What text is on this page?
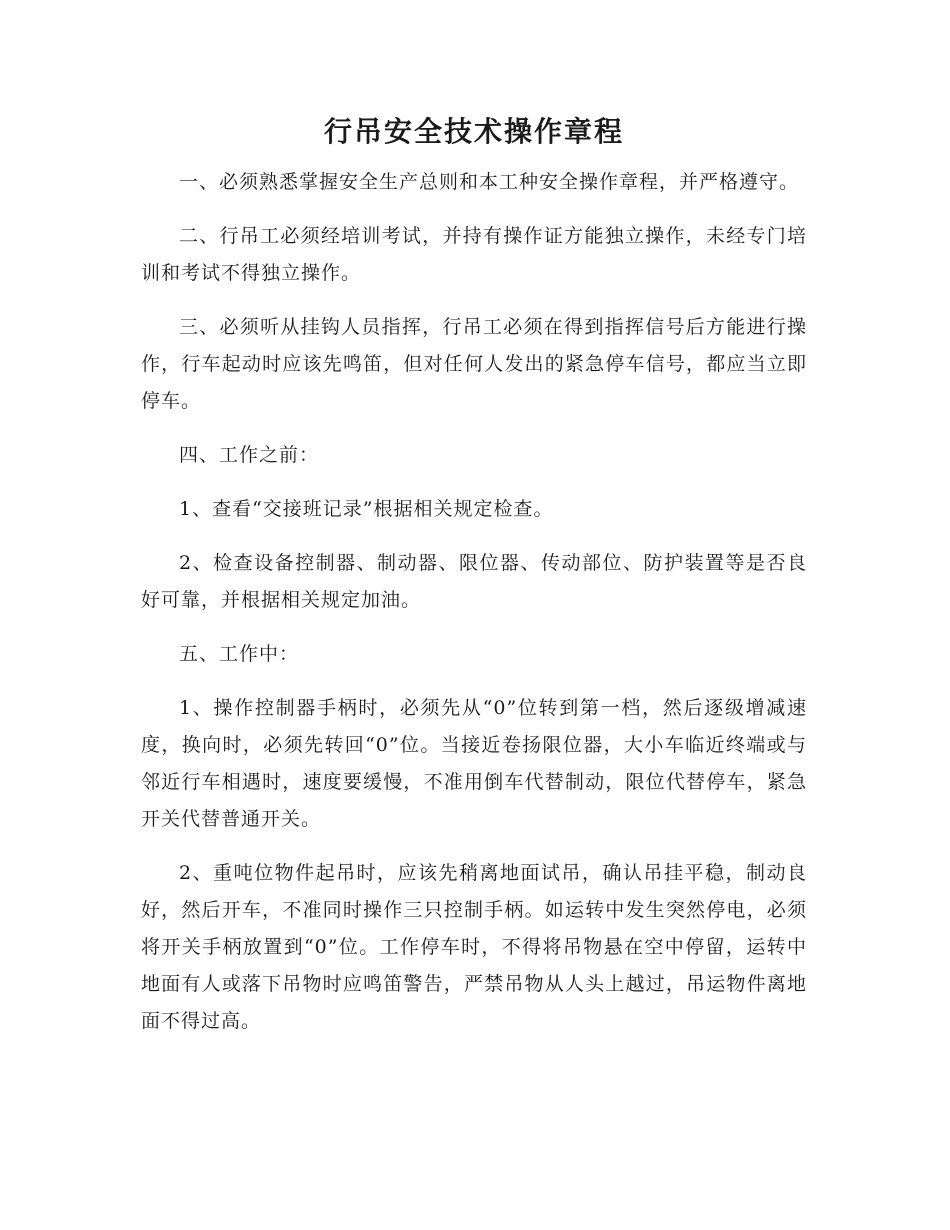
行吊安全技术操作章程

一、必须熟悉掌握安全生产总则和本工种安全操作章程，并严格遵守。

二、行吊工必须经培训考试，并持有操作证方能独立操作，未经专门培训和考试不得独立操作。

三、必须听从挂钩人员指挥，行吊工必须在得到指挥信号后方能进行操作，行车起动时应该先鸣笛，但对任何人发出的紧急停车信号，都应当立即停车。

四、工作之前：

1、查看“交接班记录”根据相关规定检查。

2、检查设备控制器、制动器、限位器、传动部位、防护装置等是否良好可靠，并根据相关规定加油。

五、工作中：

1、操作控制器手柄时，必须先从“0”位转到第一档，然后逐级增减速度，换向时，必须先转回“0”位。当接近卷扬限位器，大小车临近终端或与邻近行车相遇时，速度要缓慢，不准用倒车代替制动，限位代替停车，紧急开关代替普通开关。

2、重吨位物件起吊时，应该先稍离地面试吊，确认吊挂平稳，制动良好，然后开车，不准同时操作三只控制手柄。如运转中发生突然停电，必须将开关手柄放置到“0”位。工作停车时，不得将吊物悬在空中停留，运转中地面有人或落下吊物时应鸣笛警告，严禁吊物从人头上越过，吊运物件离地面不得过高。
